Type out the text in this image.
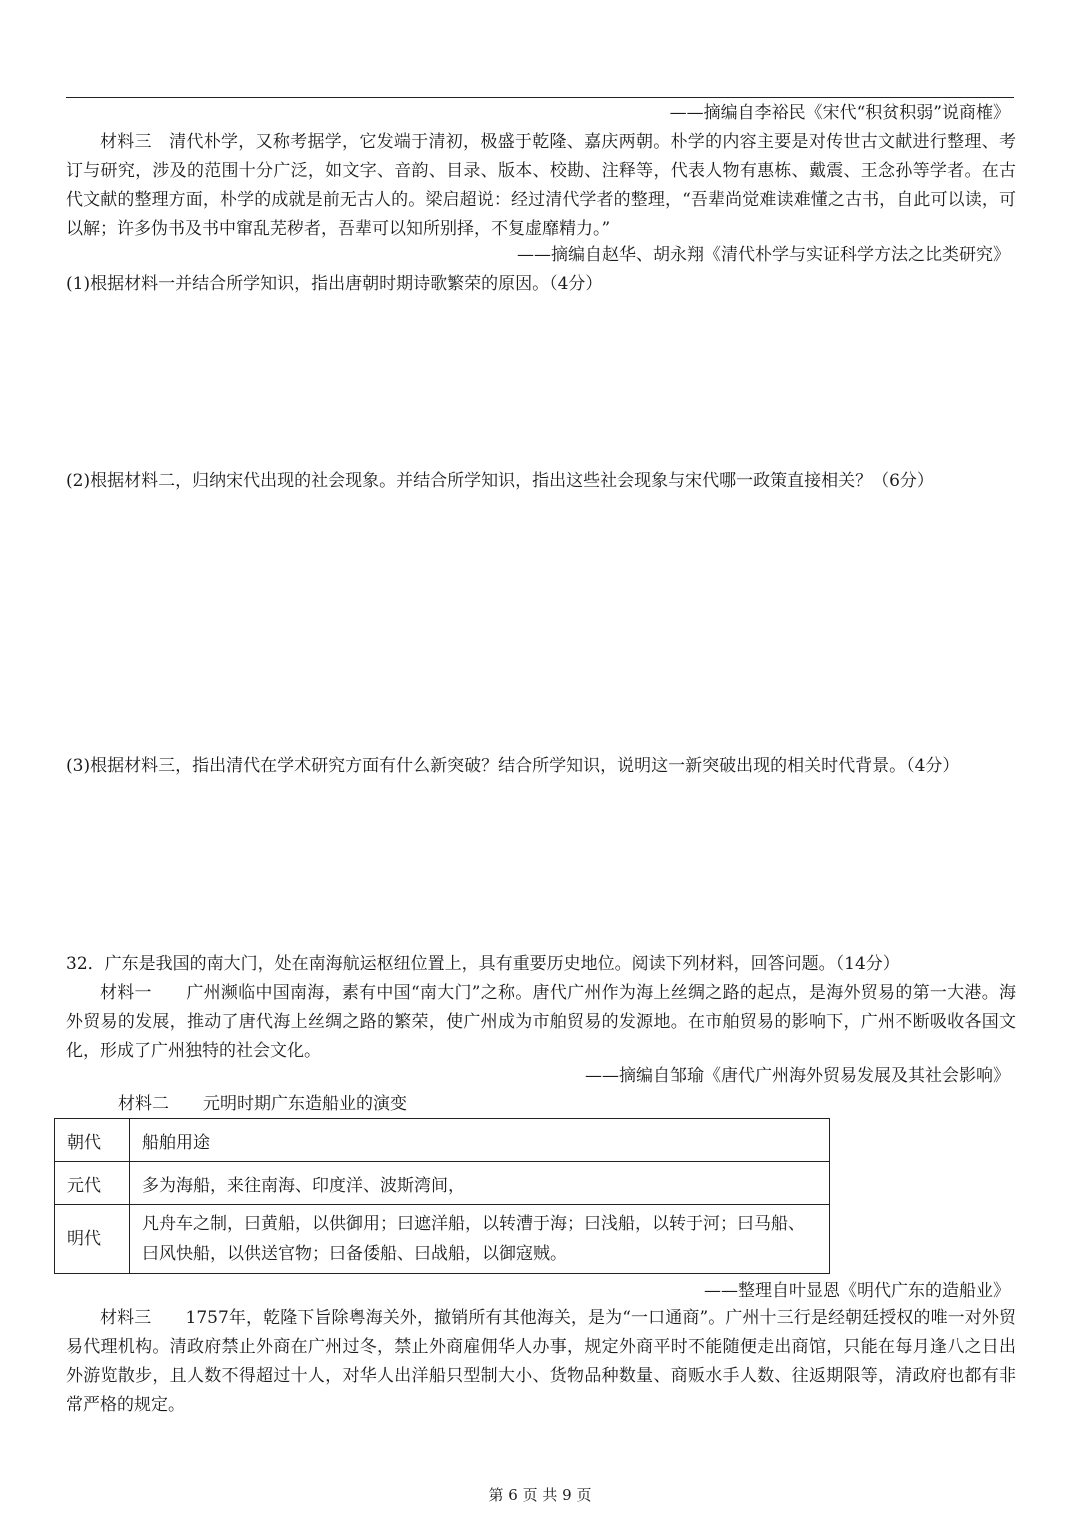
——摘编自李裕民《宋代“积贫积弱”说商榷》
材料三　清代朴学，又称考据学，它发端于清初，极盛于乾隆、嘉庆两朝。朴学的内容主要是对传世古文献进行整理、考订与研究，涉及的范围十分广泛，如文字、音韵、目录、版本、校勘、注释等，代表人物有惠栋、戴震、王念孙等学者。在古代文献的整理方面，朴学的成就是前无古人的。梁启超说：经过清代学者的整理，“吾辈尚觉难读难懂之古书，自此可以读，可以解；许多伪书及书中窜乱芜秽者，吾辈可以知所别择，不复虚靡精力。”
——摘编自赵华、胡永翔《清代朴学与实证科学方法之比类研究》
(1)根据材料一并结合所学知识，指出唐朝时期诗歌繁荣的原因。（4分）
(2)根据材料二，归纳宋代出现的社会现象。并结合所学知识，指出这些社会现象与宋代哪一政策直接相关？（6分）
(3)根据材料三，指出清代在学术研究方面有什么新突破？结合所学知识，说明这一新突破出现的相关时代背景。（4分）
32．广东是我国的南大门，处在南海航运枢纽位置上，具有重要历史地位。阅读下列材料，回答问题。（14分）
材料一　　广州濒临中国南海，素有中国“南大门”之称。唐代广州作为海上丝绸之路的起点，是海外贸易的第一大港。海外贸易的发展，推动了唐代海上丝绸之路的繁荣，使广州成为市舶贸易的发源地。在市舶贸易的影响下，广州不断吸收各国文化，形成了广州独特的社会文化。
——摘编自邹瑜《唐代广州海外贸易发展及其社会影响》
材料二　　元明时期广东造船业的演变
朝代	船舶用途
元代	多为海船，来往南海、印度洋、波斯湾间，
明代	凡舟车之制，曰黄船，以供御用；曰遮洋船，以转漕于海；曰浅船，以转于河；曰马船、曰风快船，以供送官物；曰备倭船、曰战船，以御寇贼。
——整理自叶显恩《明代广东的造船业》
材料三　　1757年，乾隆下旨除粤海关外，撤销所有其他海关，是为“一口通商”。广州十三行是经朝廷授权的唯一对外贸易代理机构。清政府禁止外商在广州过冬，禁止外商雇佣华人办事，规定外商平时不能随便走出商馆，只能在每月逢八之日出外游览散步，且人数不得超过十人，对华人出洋船只型制大小、货物品种数量、商贩水手人数、往返期限等，清政府也都有非常严格的规定。
第 6 页 共 9 页
